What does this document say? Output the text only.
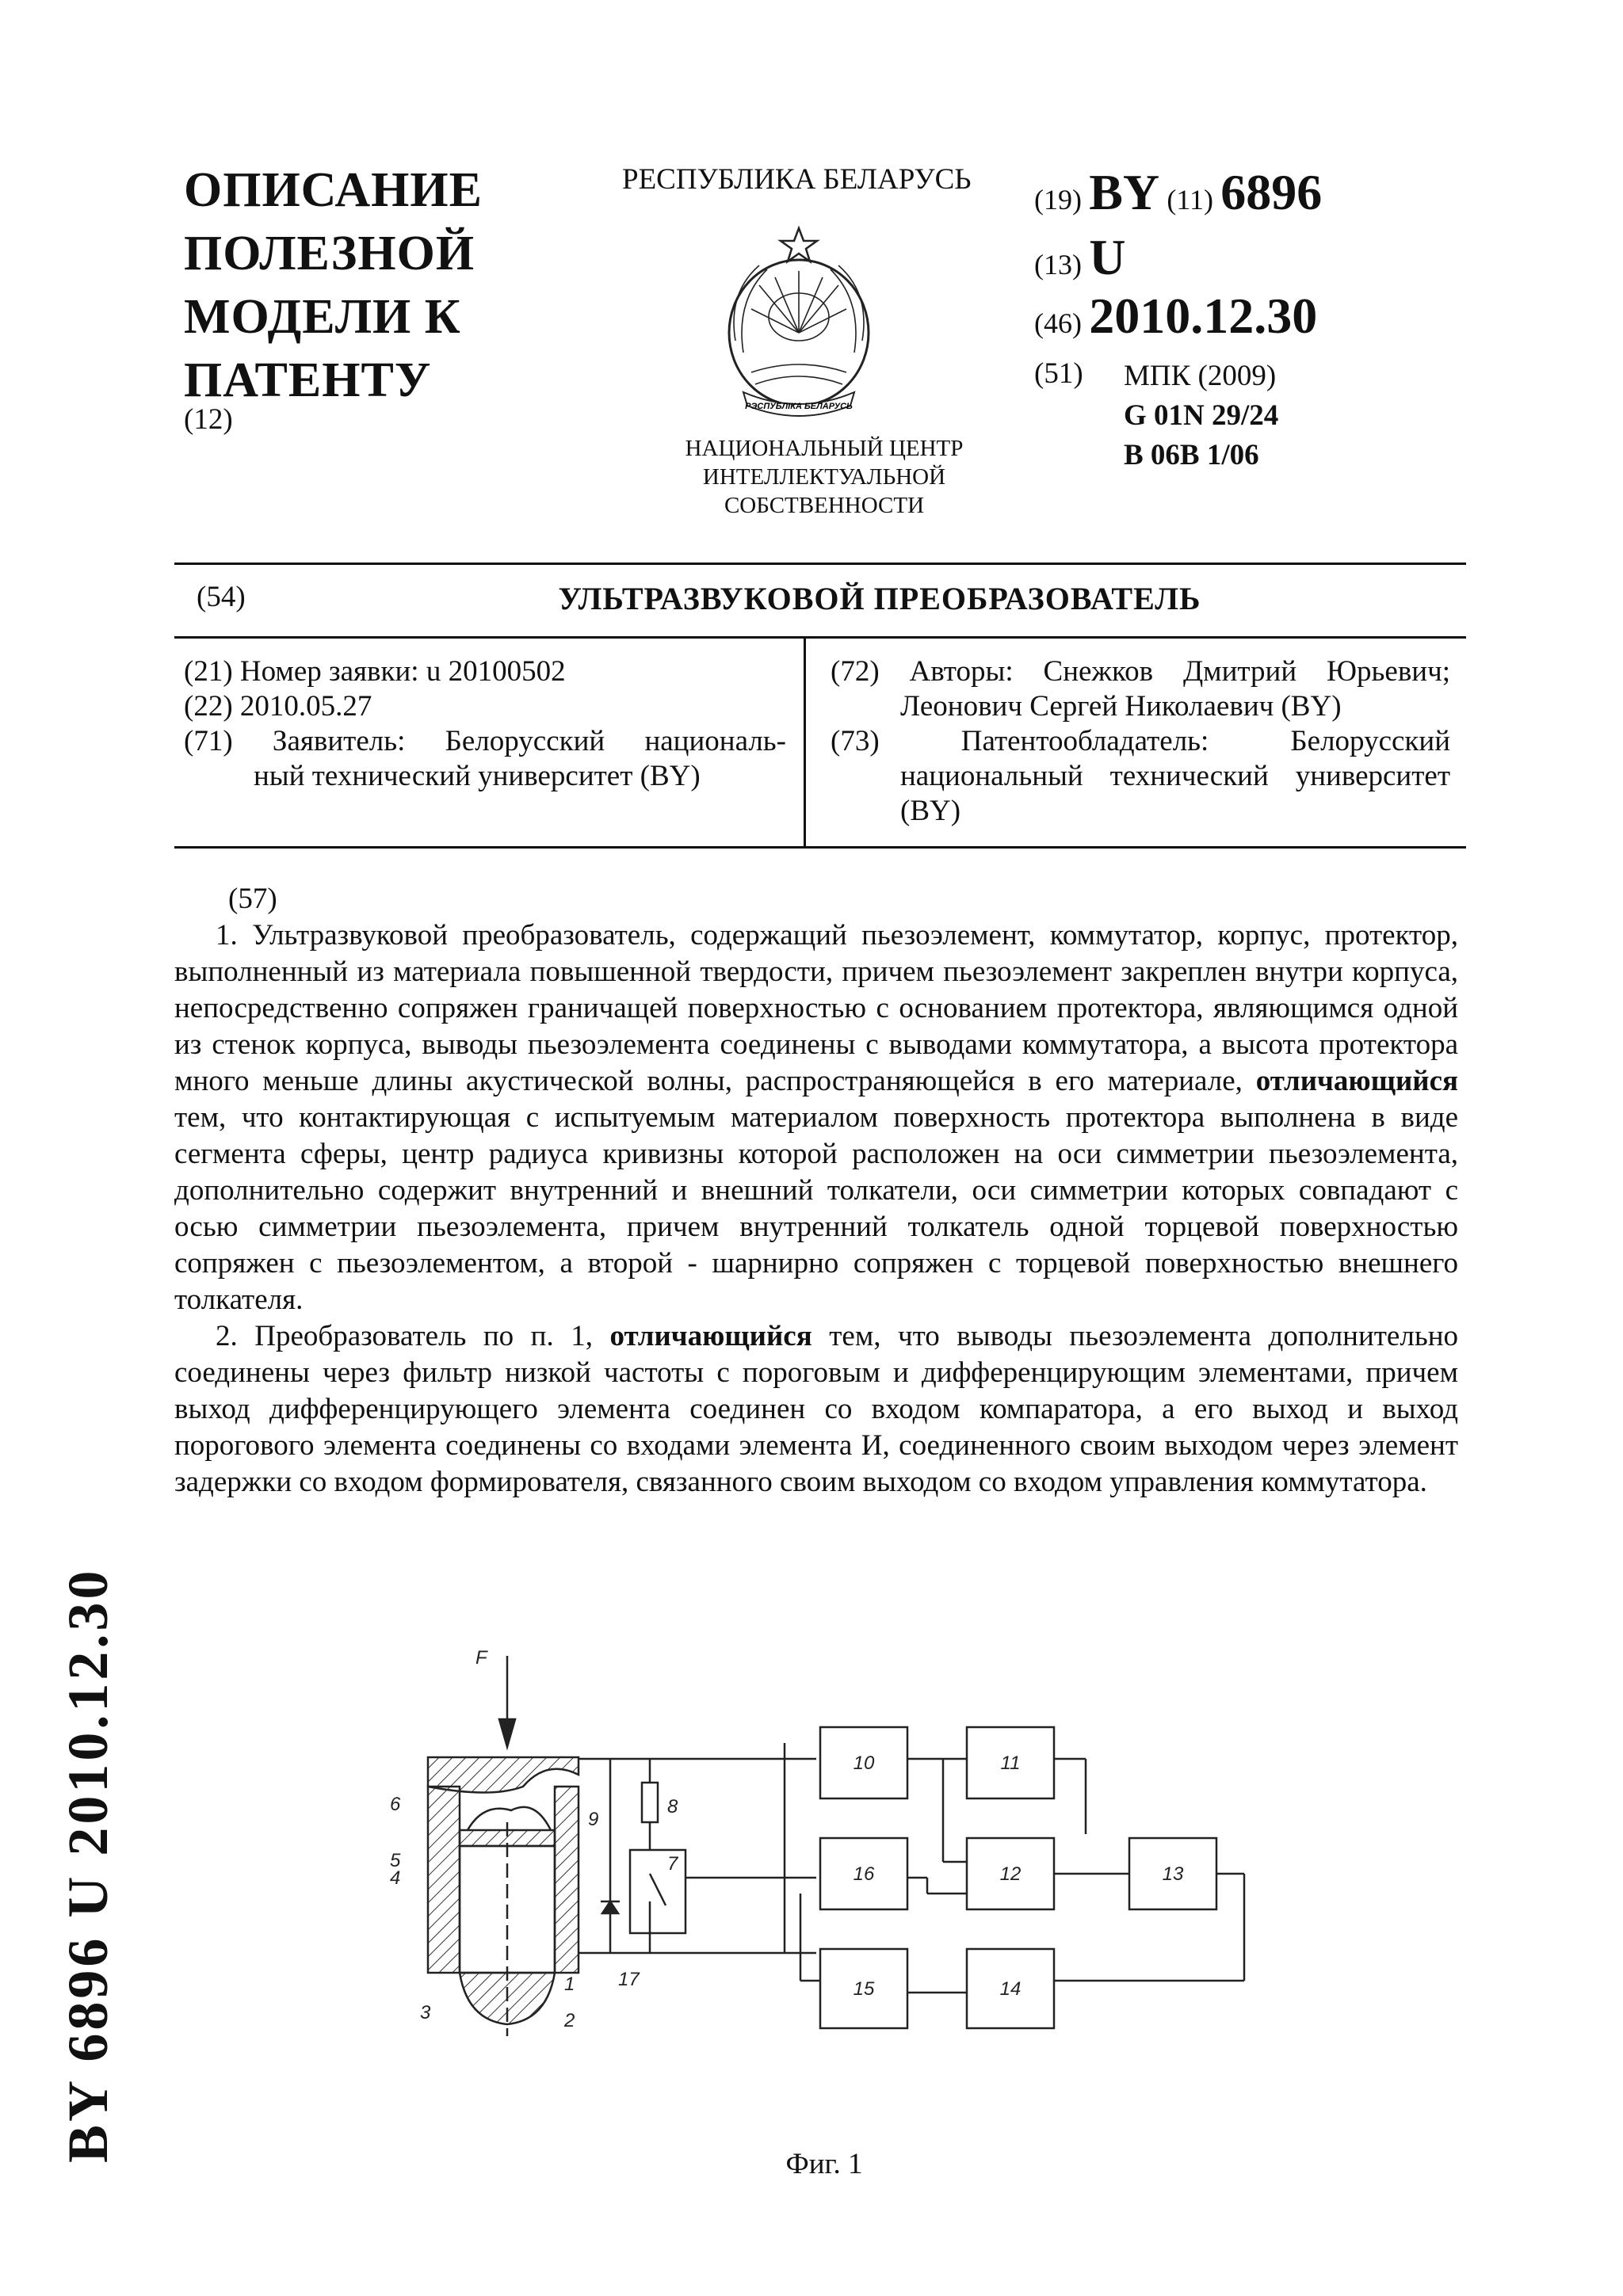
ОПИСАНИЕ
ПОЛЕЗНОЙ
МОДЕЛИ К
ПАТЕНТУ
(12)
РЕСПУБЛИКА БЕЛАРУСЬ
РЭСПУБЛIКА БЕЛАРУСЬ
НАЦИОНАЛЬНЫЙ ЦЕНТР
ИНТЕЛЛЕКТУАЛЬНОЙ
СОБСТВЕННОСТИ
(19) BY (11) 6896
(13) U
(46) 2010.12.30
(51) МПК (2009)
G 01N 29/24
B 06B 1/06
(54)	УЛЬТРАЗВУКОВОЙ ПРЕОБРАЗОВАТЕЛЬ
(21) Номер заявки: u 20100502
(22) 2010.05.27
(71) Заявитель: Белорусский националь-
ный технический университет (BY)
(72) Авторы: Снежков Дмитрий Юрьевич;
Леонович Сергей Николаевич (BY)
(73) Патентообладатель: Белорусский
национальный технический университет (BY)

(57)

1. Ультразвуковой преобразователь, содержащий пьезоэлемент, коммутатор, корпус, протектор, выполненный из материала повышенной твердости, причем пьезоэлемент закреплен внутри корпуса, непосредственно сопряжен граничащей поверхностью с основанием протектора, являющимся одной из стенок корпуса, выводы пьезоэлемента соединены с выводами коммутатора, а высота протектора много меньше длины акустической волны, распространяющейся в его материале, отличающийся тем, что контактирующая с испытуемым материалом поверхность протектора выполнена в виде сегмента сферы, центр радиуса кривизны которой расположен на оси симметрии пьезоэлемента, дополнительно содержит внутренний и внешний толкатели, оси симметрии которых совпадают с осью симметрии пьезоэлемента, причем внутренний толкатель одной торцевой поверхностью сопряжен с пьезоэлементом, а второй - шарнирно сопряжен с торцевой поверхностью внешнего толкателя.

2. Преобразователь по п. 1, отличающийся тем, что выводы пьезоэлемента дополнительно соединены через фильтр низкой частоты с пороговым и дифференцирующим элементами, причем выход дифференцирующего элемента соединен со входом компаратора, а его выход и выход порогового элемента соединены со входами элемента И, соединенного своим выходом через элемент задержки со входом формирователя, связанного своим выходом со входом управления коммутатора.

BY 6896 U 2010.12.30	F
6
5
4
3
9
1
2
17
8
7
10	11
12	13
16
15	14
Фиг. 1
